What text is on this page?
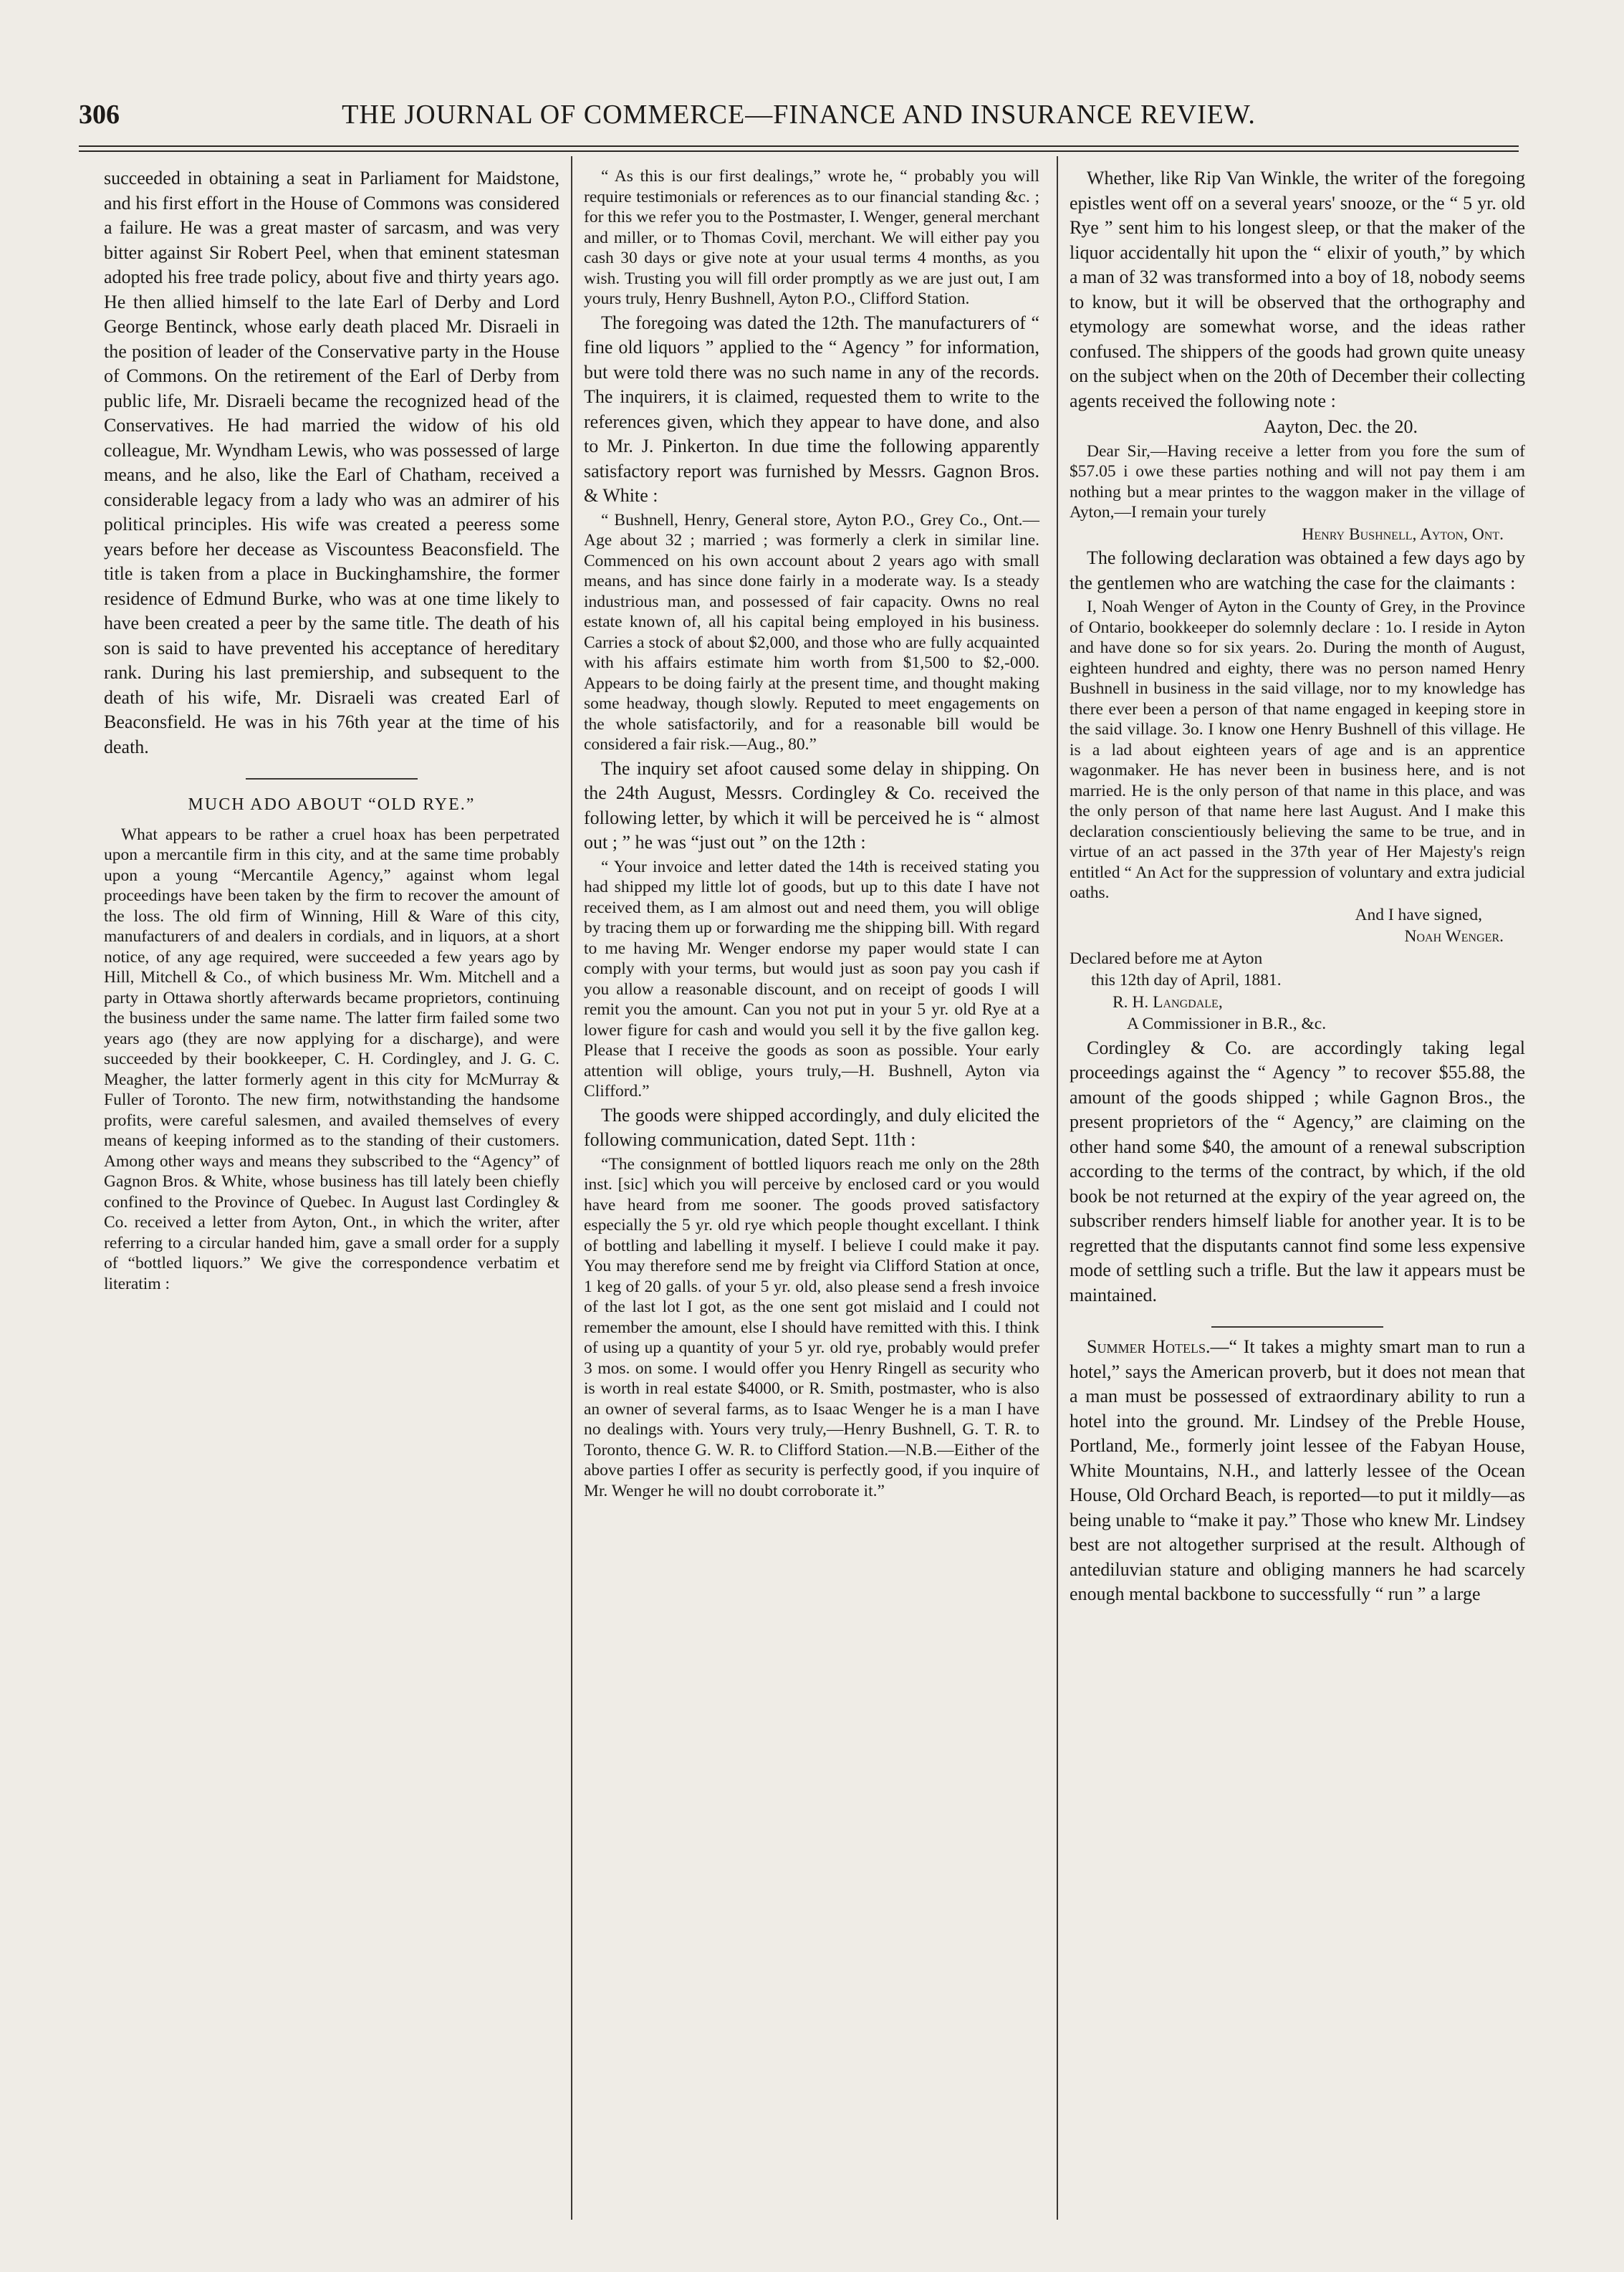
306	THE JOURNAL OF COMMERCE—FINANCE AND INSURANCE REVIEW.

succeeded in obtaining a seat in Parliament for Maidstone, and his first effort in the House of Commons was considered a failure. He was a great master of sarcasm, and was very bitter against Sir Robert Peel, when that eminent statesman adopted his free trade policy, about five and thirty years ago. He then allied himself to the late Earl of Derby and Lord George Bentinck, whose early death placed Mr. Disraeli in the position of leader of the Conservative party in the House of Commons. On the retirement of the Earl of Derby from public life, Mr. Disraeli became the recognized head of the Conservatives. He had married the widow of his old colleague, Mr. Wyndham Lewis, who was possessed of large means, and he also, like the Earl of Chatham, received a considerable legacy from a lady who was an admirer of his political principles. His wife was created a peeress some years before her decease as Viscountess Beaconsfield. The title is taken from a place in Buckinghamshire, the former residence of Edmund Burke, who was at one time likely to have been created a peer by the same title. The death of his son is said to have prevented his acceptance of hereditary rank. During his last premiership, and subsequent to the death of his wife, Mr. Disraeli was created Earl of Beaconsfield. He was in his 76th year at the time of his death.

MUCH ADO ABOUT “OLD RYE.”

What appears to be rather a cruel hoax has been perpetrated upon a mercantile firm in this city, and at the same time probably upon a young “Mercantile Agency,” against whom legal proceedings have been taken by the firm to recover the amount of the loss. The old firm of Winning, Hill & Ware of this city, manufacturers of and dealers in cordials, and in liquors, at a short notice, of any age required, were succeeded a few years ago by Hill, Mitchell & Co., of which business Mr. Wm. Mitchell and a party in Ottawa shortly afterwards became proprietors, continuing the business under the same name. The latter firm failed some two years ago (they are now applying for a discharge), and were succeeded by their bookkeeper, C. H. Cordingley, and J. G. C. Meagher, the latter formerly agent in this city for McMurray & Fuller of Toronto. The new firm, notwithstanding the handsome profits, were careful salesmen, and availed themselves of every means of keeping informed as to the standing of their customers. Among other ways and means they subscribed to the “Agency” of Gagnon Bros. & White, whose business has till lately been chiefly confined to the Province of Quebec. In August last Cordingley & Co. received a letter from Ayton, Ont., in which the writer, after referring to a circular handed him, gave a small order for a supply of “bottled liquors.” We give the correspondence verbatim et literatim :

“ As this is our first dealings,” wrote he, “ probably you will require testimonials or references as to our financial standing &c. ; for this we refer you to the Postmaster, I. Wenger, general merchant and miller, or to Thomas Covil, merchant. We will either pay you cash 30 days or give note at your usual terms 4 months, as you wish. Trusting you will fill order promptly as we are just out, I am yours truly, Henry Bushnell, Ayton P.O., Clifford Station.

The foregoing was dated the 12th. The manufacturers of “ fine old liquors ” applied to the “ Agency ” for information, but were told there was no such name in any of the records. The inquirers, it is claimed, requested them to write to the references given, which they appear to have done, and also to Mr. J. Pinkerton. In due time the following apparently satisfactory report was furnished by Messrs. Gagnon Bros. & White :

“ Bushnell, Henry, General store, Ayton P.O., Grey Co., Ont.—Age about 32 ; married ; was formerly a clerk in similar line. Commenced on his own account about 2 years ago with small means, and has since done fairly in a moderate way. Is a steady industrious man, and possessed of fair capacity. Owns no real estate known of, all his capital being employed in his business. Carries a stock of about $2,000, and those who are fully acquainted with his affairs estimate him worth from $1,500 to $2,-000. Appears to be doing fairly at the present time, and thought making some headway, though slowly. Reputed to meet engagements on the whole satisfactorily, and for a reasonable bill would be considered a fair risk.—Aug., 80.”

The inquiry set afoot caused some delay in shipping. On the 24th August, Messrs. Cordingley & Co. received the following letter, by which it will be perceived he is “ almost out ; ” he was “just out ” on the 12th :

“ Your invoice and letter dated the 14th is received stating you had shipped my little lot of goods, but up to this date I have not received them, as I am almost out and need them, you will oblige by tracing them up or forwarding me the shipping bill. With regard to me having Mr. Wenger endorse my paper would state I can comply with your terms, but would just as soon pay you cash if you allow a reasonable discount, and on receipt of goods I will remit you the amount. Can you not put in your 5 yr. old Rye at a lower figure for cash and would you sell it by the five gallon keg. Please that I receive the goods as soon as possible. Your early attention will oblige, yours truly,—H. Bushnell, Ayton via Clifford.”

The goods were shipped accordingly, and duly elicited the following communication, dated Sept. 11th :

“The consignment of bottled liquors reach me only on the 28th inst. [sic] which you will perceive by enclosed card or you would have heard from me sooner. The goods proved satisfactory especially the 5 yr. old rye which people thought excellant. I think of bottling and labelling it myself. I believe I could make it pay. You may therefore send me by freight via Clifford Station at once, 1 keg of 20 galls. of your 5 yr. old, also please send a fresh invoice of the last lot I got, as the one sent got mislaid and I could not remember the amount, else I should have remitted with this. I think of using up a quantity of your 5 yr. old rye, probably would prefer 3 mos. on some. I would offer you Henry Ringell as security who is worth in real estate $4000, or R. Smith, postmaster, who is also an owner of several farms, as to Isaac Wenger he is a man I have no dealings with. Yours very truly,—Henry Bushnell, G. T. R. to Toronto, thence G. W. R. to Clifford Station.—N.B.—Either of the above parties I offer as security is perfectly good, if you inquire of Mr. Wenger he will no doubt corroborate it.”

Whether, like Rip Van Winkle, the writer of the foregoing epistles went off on a several years' snooze, or the “ 5 yr. old Rye ” sent him to his longest sleep, or that the maker of the liquor accidentally hit upon the “ elixir of youth,” by which a man of 32 was transformed into a boy of 18, nobody seems to know, but it will be observed that the orthography and etymology are somewhat worse, and the ideas rather confused. The shippers of the goods had grown quite uneasy on the subject when on the 20th of December their collecting agents received the following note :

Aayton, Dec. the 20.

Dear Sir,—Having receive a letter from you fore the sum of $57.05 i owe these parties nothing and will not pay them i am nothing but a mear printes to the waggon maker in the village of Ayton,—I remain your turely

Henry Bushnell, Ayton, Ont.

The following declaration was obtained a few days ago by the gentlemen who are watching the case for the claimants :

I, Noah Wenger of Ayton in the County of Grey, in the Province of Ontario, bookkeeper do solemnly declare : 1o. I reside in Ayton and have done so for six years. 2o. During the month of August, eighteen hundred and eighty, there was no person named Henry Bushnell in business in the said village, nor to my knowledge has there ever been a person of that name engaged in keeping store in the said village. 3o. I know one Henry Bushnell of this village. He is a lad about eighteen years of age and is an apprentice wagonmaker. He has never been in business here, and is not married. He is the only person of that name in this place, and was the only person of that name here last August. And I make this declaration conscientiously believing the same to be true, and in virtue of an act passed in the 37th year of Her Majesty's reign entitled “ An Act for the suppression of voluntary and extra judicial oaths.

And I have signed,

Noah Wenger.

Declared before me at Ayton

this 12th day of April, 1881.

R. H. Langdale,

A Commissioner in B.R., &c.

Cordingley & Co. are accordingly taking legal proceedings against the “ Agency ” to recover $55.88, the amount of the goods shipped ; while Gagnon Bros., the present proprietors of the “ Agency,” are claiming on the other hand some $40, the amount of a renewal subscription according to the terms of the contract, by which, if the old book be not returned at the expiry of the year agreed on, the subscriber renders himself liable for another year. It is to be regretted that the disputants cannot find some less expensive mode of settling such a trifle. But the law it appears must be maintained.

Summer Hotels.—“ It takes a mighty smart man to run a hotel,” says the American proverb, but it does not mean that a man must be possessed of extraordinary ability to run a hotel into the ground. Mr. Lindsey of the Preble House, Portland, Me., formerly joint lessee of the Fabyan House, White Mountains, N.H., and latterly lessee of the Ocean House, Old Orchard Beach, is reported—to put it mildly—as being unable to “make it pay.” Those who knew Mr. Lindsey best are not altogether surprised at the result. Although of antediluvian stature and obliging manners he had scarcely enough mental backbone to successfully “ run ” a large
